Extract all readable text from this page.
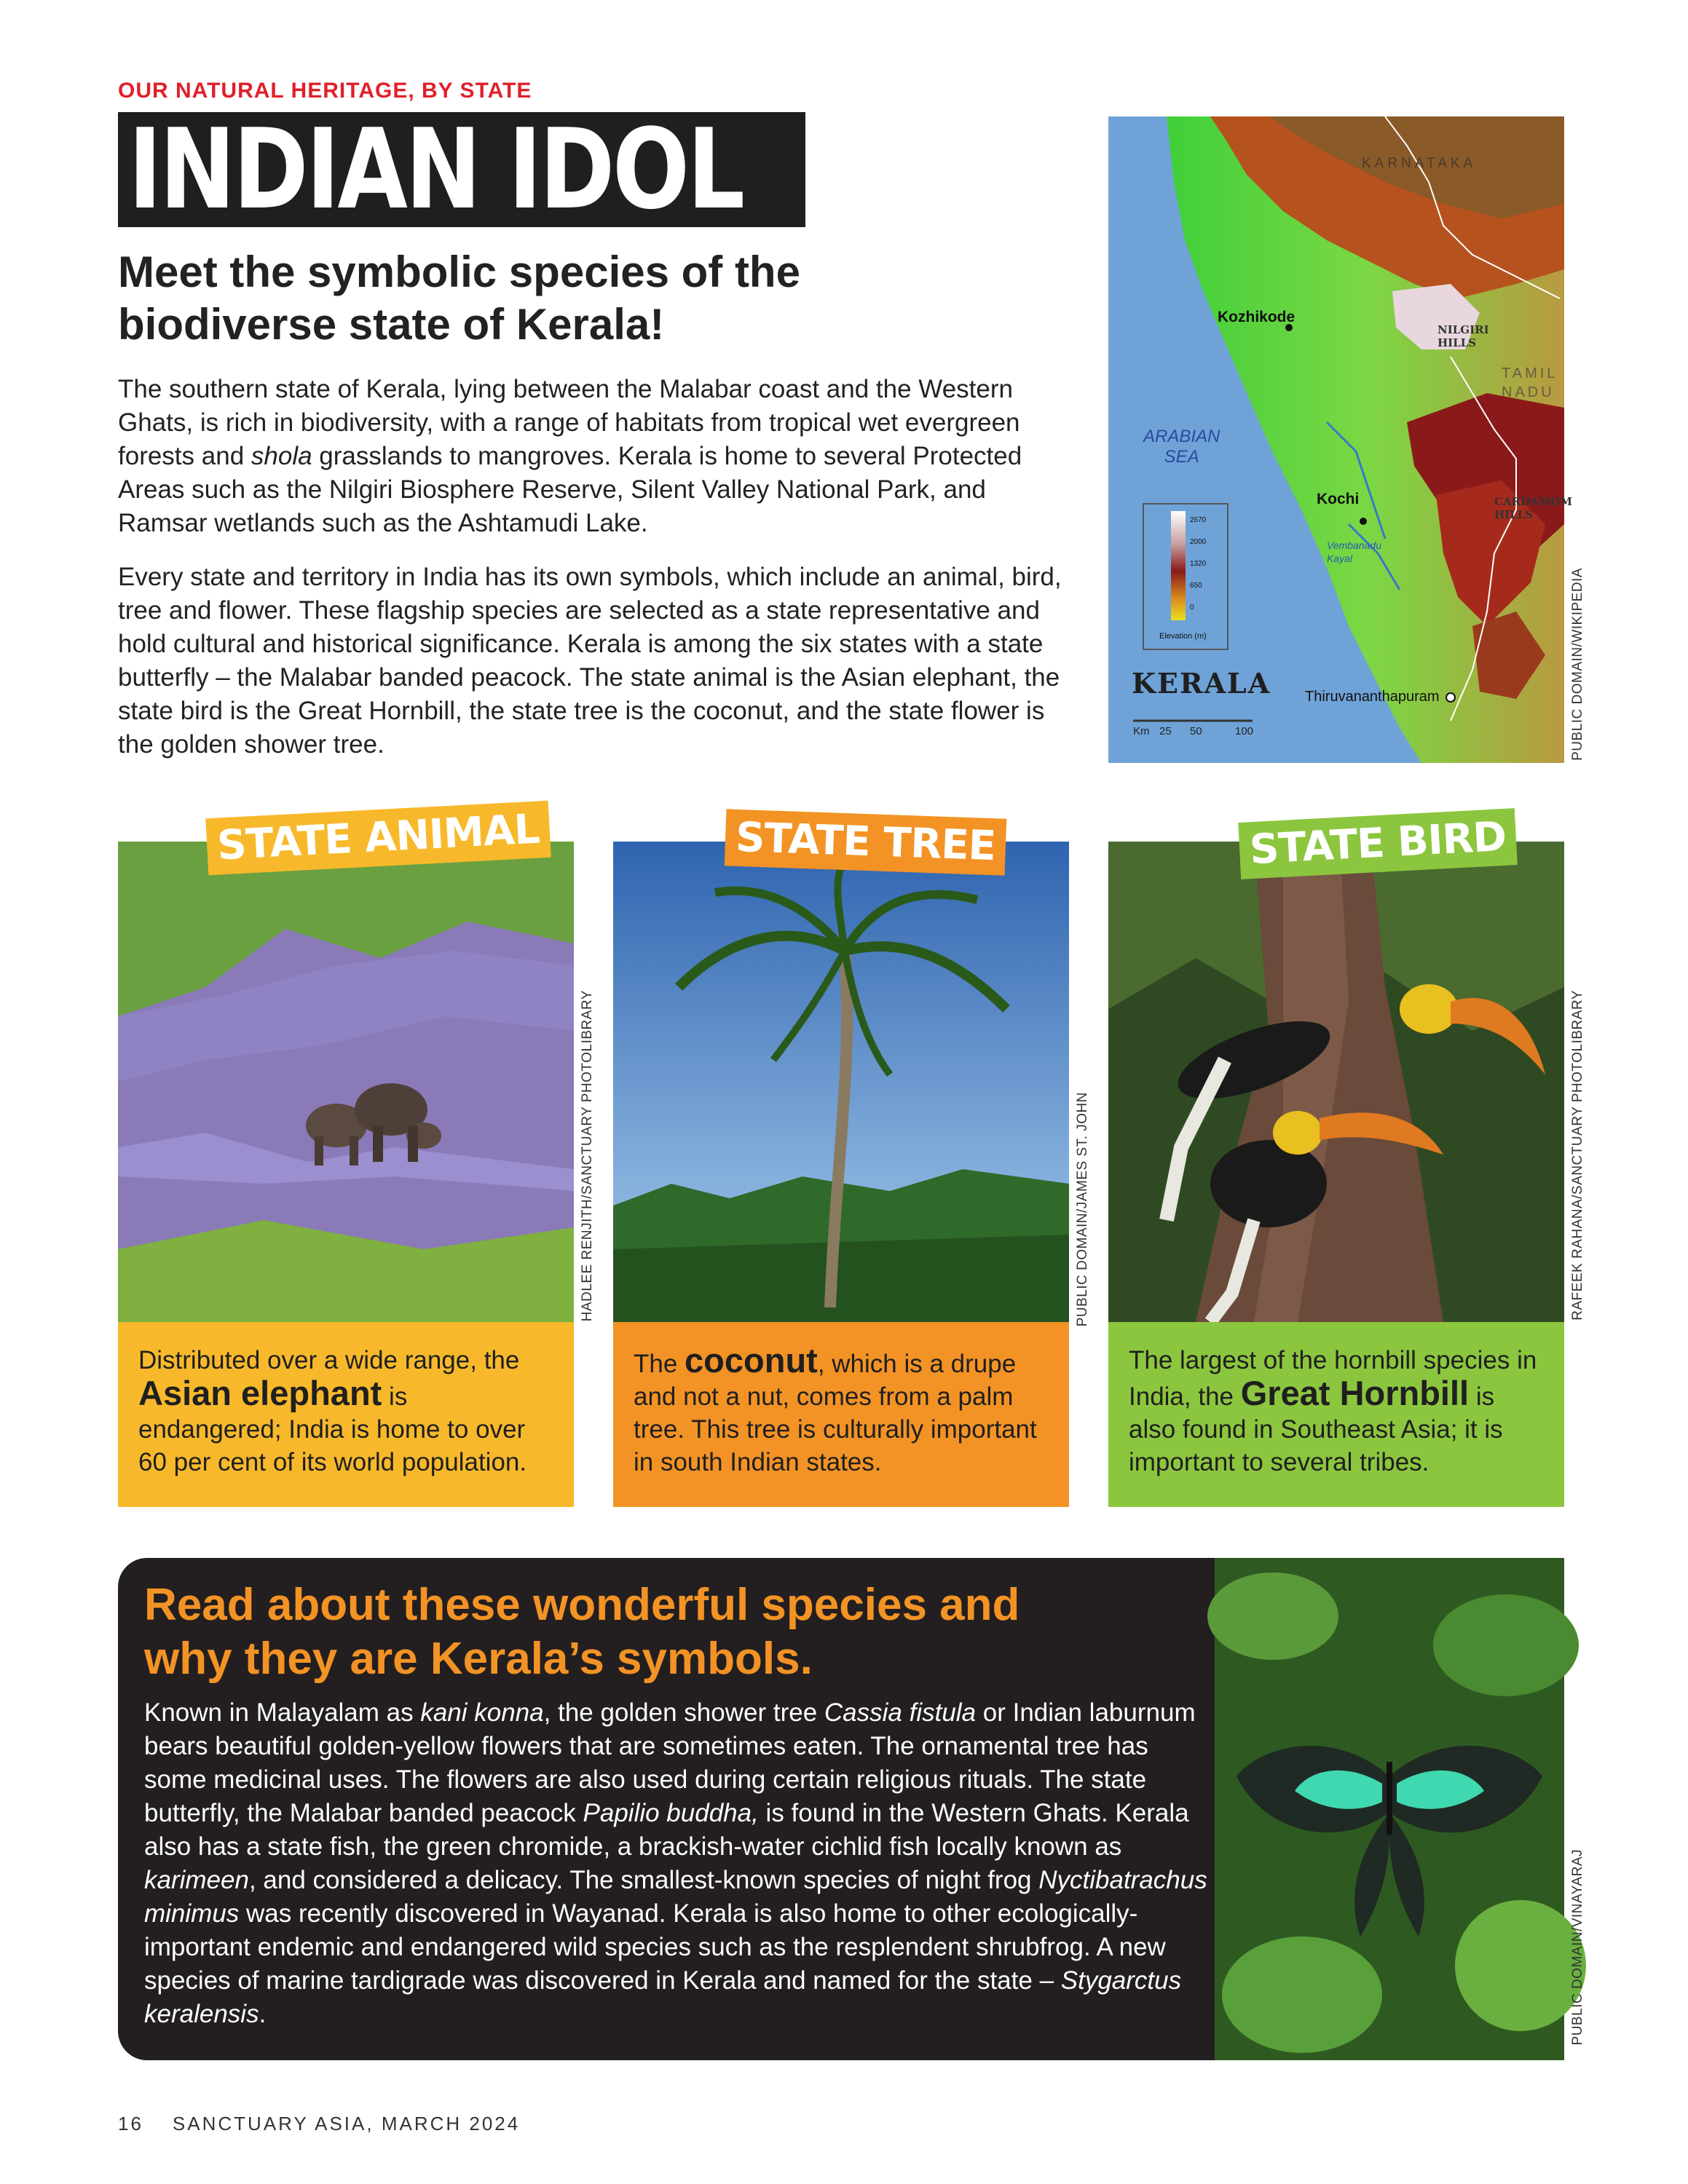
OUR NATURAL HERITAGE, BY STATE
INDIAN IDOL
Meet the symbolic species of the
biodiverse state of Kerala!
The southern state of Kerala, lying between the Malabar coast and the Western Ghats, is rich in biodiversity, with a range of habitats from tropical wet evergreen forests and shola grasslands to mangroves. Kerala is home to several Protected Areas such as the Nilgiri Biosphere Reserve, Silent Valley National Park, and Ramsar wetlands such as the Ashtamudi Lake.
Every state and territory in India has its own symbols, which include an animal, bird, tree and flower. These flagship species are selected as a state representative and hold cultural and historical significance. Kerala is among the six states with a state butterfly – the Malabar banded peacock. The state animal is the Asian elephant, the state bird is the Great Hornbill, the state tree is the coconut, and the state flower is the golden shower tree.
KARNATAKA
Kozhikode
NILGIRI
HILLS
TAMIL
NADU
ARABIAN
SEA
Kochi	CARDAMOM
HILLS
Vembanadu
Kayal
Thiruvananthapuram
2670
2000
1320
650
0
Elevation (m)
KERALA
Km 25 50	100	PUBLIC DOMAIN/WIKIPEDIA
Distributed over a wide range, the Asian elephant is endangered; India is home to over 60 per cent of its world population.
STATE ANIMAL
HADLEE RENJITH/SANCTUARY PHOTOLIBRARY
The coconut, which is a drupe and not a nut, comes from a palm tree. This tree is culturally important in south Indian states.
STATE TREE
PUBLIC DOMAIN/JAMES ST. JOHN
The largest of the hornbill species in India, the Great Hornbill is also found in Southeast Asia; it is important to several tribes.
STATE BIRD
RAFEEK RAHANA/SANCTUARY PHOTOLIBRARY
Read about these wonderful species and
why they are Kerala’s symbols.
Known in Malayalam as kani konna, the golden shower tree Cassia fistula or Indian laburnum bears beautiful golden-yellow flowers that are sometimes eaten. The ornamental tree has some medicinal uses. The flowers are also used during certain religious rituals. The state butterfly, the Malabar banded peacock Papilio buddha, is found in the Western Ghats. Kerala also has a state fish, the green chromide, a brackish-water cichlid fish locally known as karimeen, and considered a delicacy. The smallest-known species of night frog Nyctibatrachus minimus was recently discovered in Wayanad. Kerala is also home to other ecologically-important endemic and endangered wild species such as the resplendent shrubfrog. A new species of marine tardigrade was discovered in Kerala and named for the state – Stygarctus keralensis.	PUBLIC DOMAIN/VINAYARAJ
16 SANCTUARY ASIA, MARCH 2024
